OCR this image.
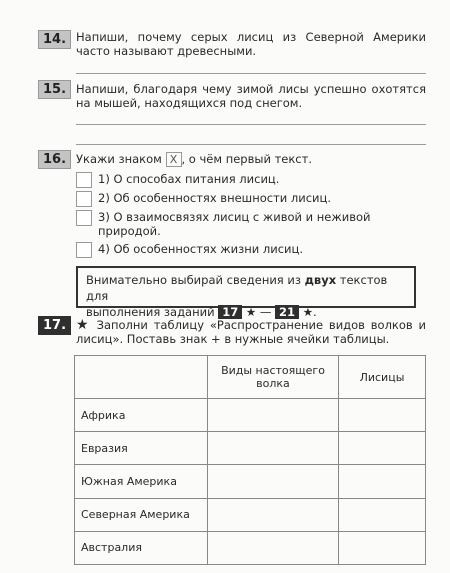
14. Напиши, почему серых лисиц из Северной Америки часто называют древесными.
15. Напиши, благодаря чему зимой лисы успешно охотятся на мышей, находящихся под снегом.
16. Укажи знаком X , о чём первый текст.
1) О способах питания лисиц.
2) Об особенностях внешности лисиц.
3) О взаимосвязях лисиц с живой и неживой природой.
4) Об особенностях жизни лисиц.
Внимательно выбирай сведения из двух текстов для
выполнения заданий 17 ★ — 21 ★.
17. ★ Заполни таблицу «Распространение видов волков и лисиц». Поставь знак + в нужные ячейки таблицы.
	Виды настоящего волка	Лисицы
Африка		
Евразия		
Южная Америка		
Северная Америка		
Австралия		
